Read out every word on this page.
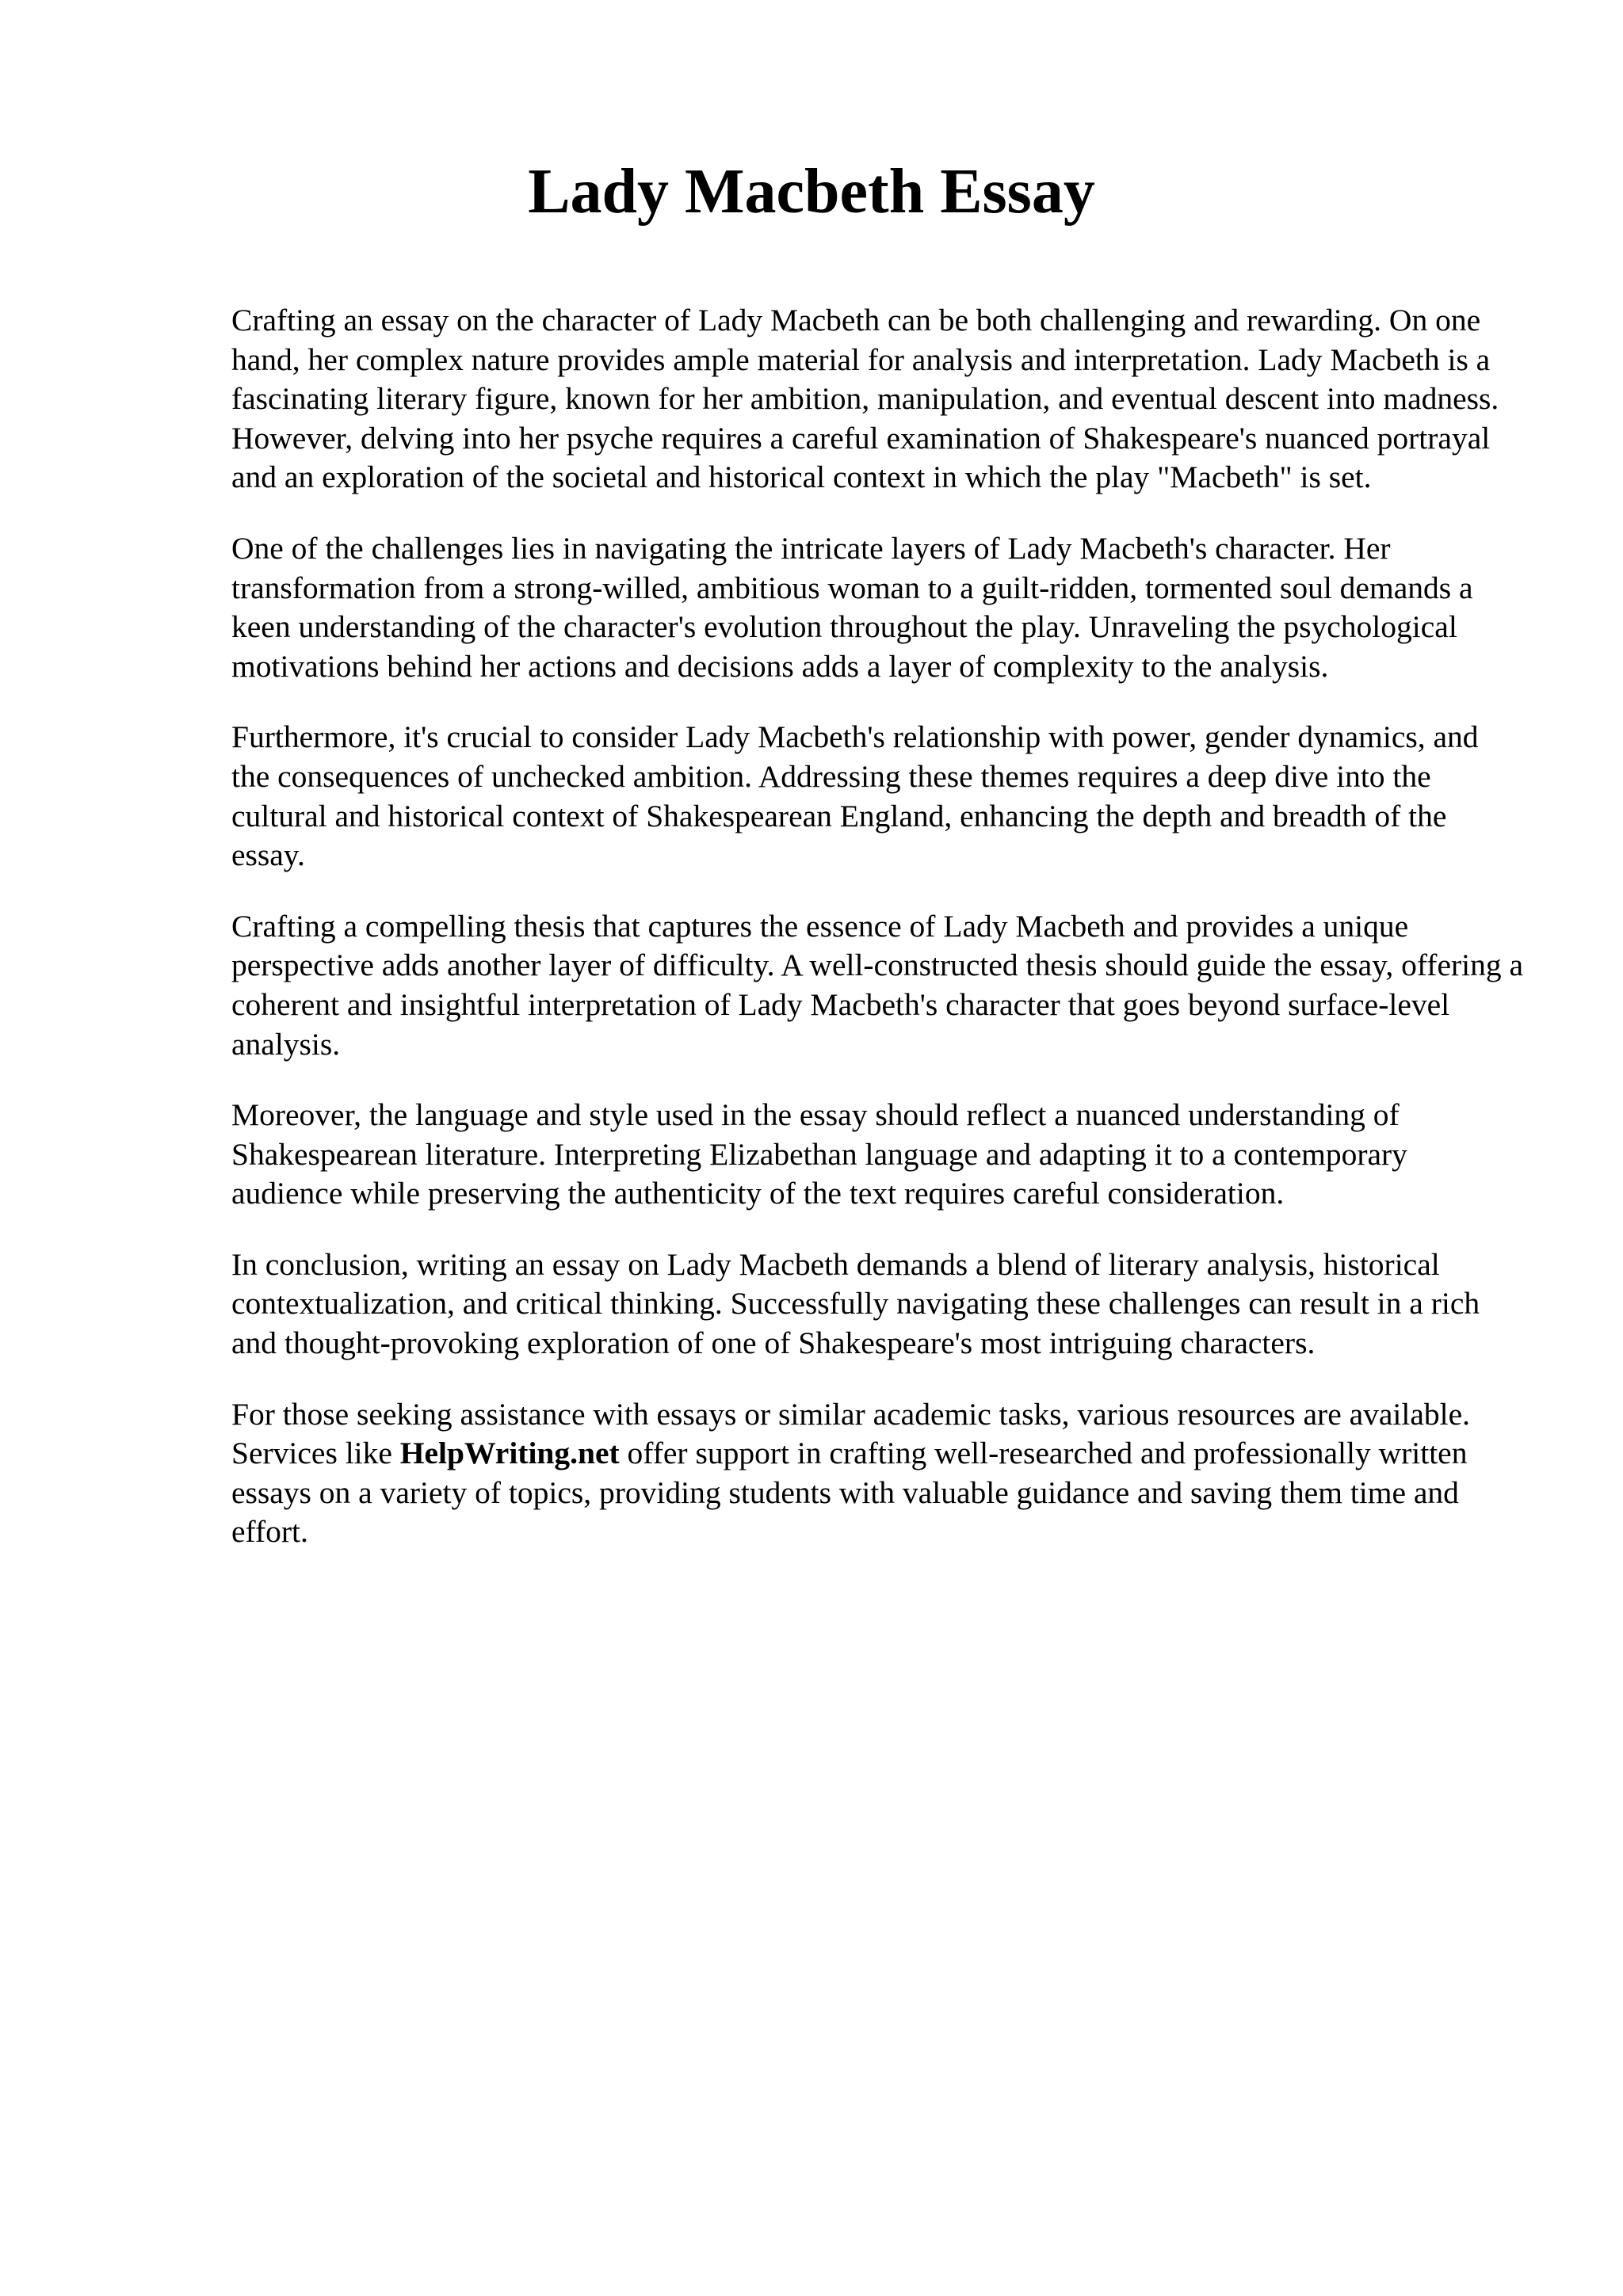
Lady Macbeth Essay

Crafting an essay on the character of Lady Macbeth can be both challenging and rewarding. On one hand, her complex nature provides ample material for analysis and interpretation. Lady Macbeth is a fascinating literary figure, known for her ambition, manipulation, and eventual descent into madness. However, delving into her psyche requires a careful examination of Shakespeare's nuanced portrayal and an exploration of the societal and historical context in which the play "Macbeth" is set.

One of the challenges lies in navigating the intricate layers of Lady Macbeth's character. Her transformation from a strong-willed, ambitious woman to a guilt-ridden, tormented soul demands a keen understanding of the character's evolution throughout the play. Unraveling the psychological motivations behind her actions and decisions adds a layer of complexity to the analysis.

Furthermore, it's crucial to consider Lady Macbeth's relationship with power, gender dynamics, and the consequences of unchecked ambition. Addressing these themes requires a deep dive into the cultural and historical context of Shakespearean England, enhancing the depth and breadth of the essay.

Crafting a compelling thesis that captures the essence of Lady Macbeth and provides a unique perspective adds another layer of difficulty. A well-constructed thesis should guide the essay, offering a coherent and insightful interpretation of Lady Macbeth's character that goes beyond surface-level analysis.

Moreover, the language and style used in the essay should reflect a nuanced understanding of Shakespearean literature. Interpreting Elizabethan language and adapting it to a contemporary audience while preserving the authenticity of the text requires careful consideration.

In conclusion, writing an essay on Lady Macbeth demands a blend of literary analysis, historical contextualization, and critical thinking. Successfully navigating these challenges can result in a rich and thought-provoking exploration of one of Shakespeare's most intriguing characters.

For those seeking assistance with essays or similar academic tasks, various resources are available. Services like HelpWriting.net offer support in crafting well-researched and professionally written essays on a variety of topics, providing students with valuable guidance and saving them time and effort.
